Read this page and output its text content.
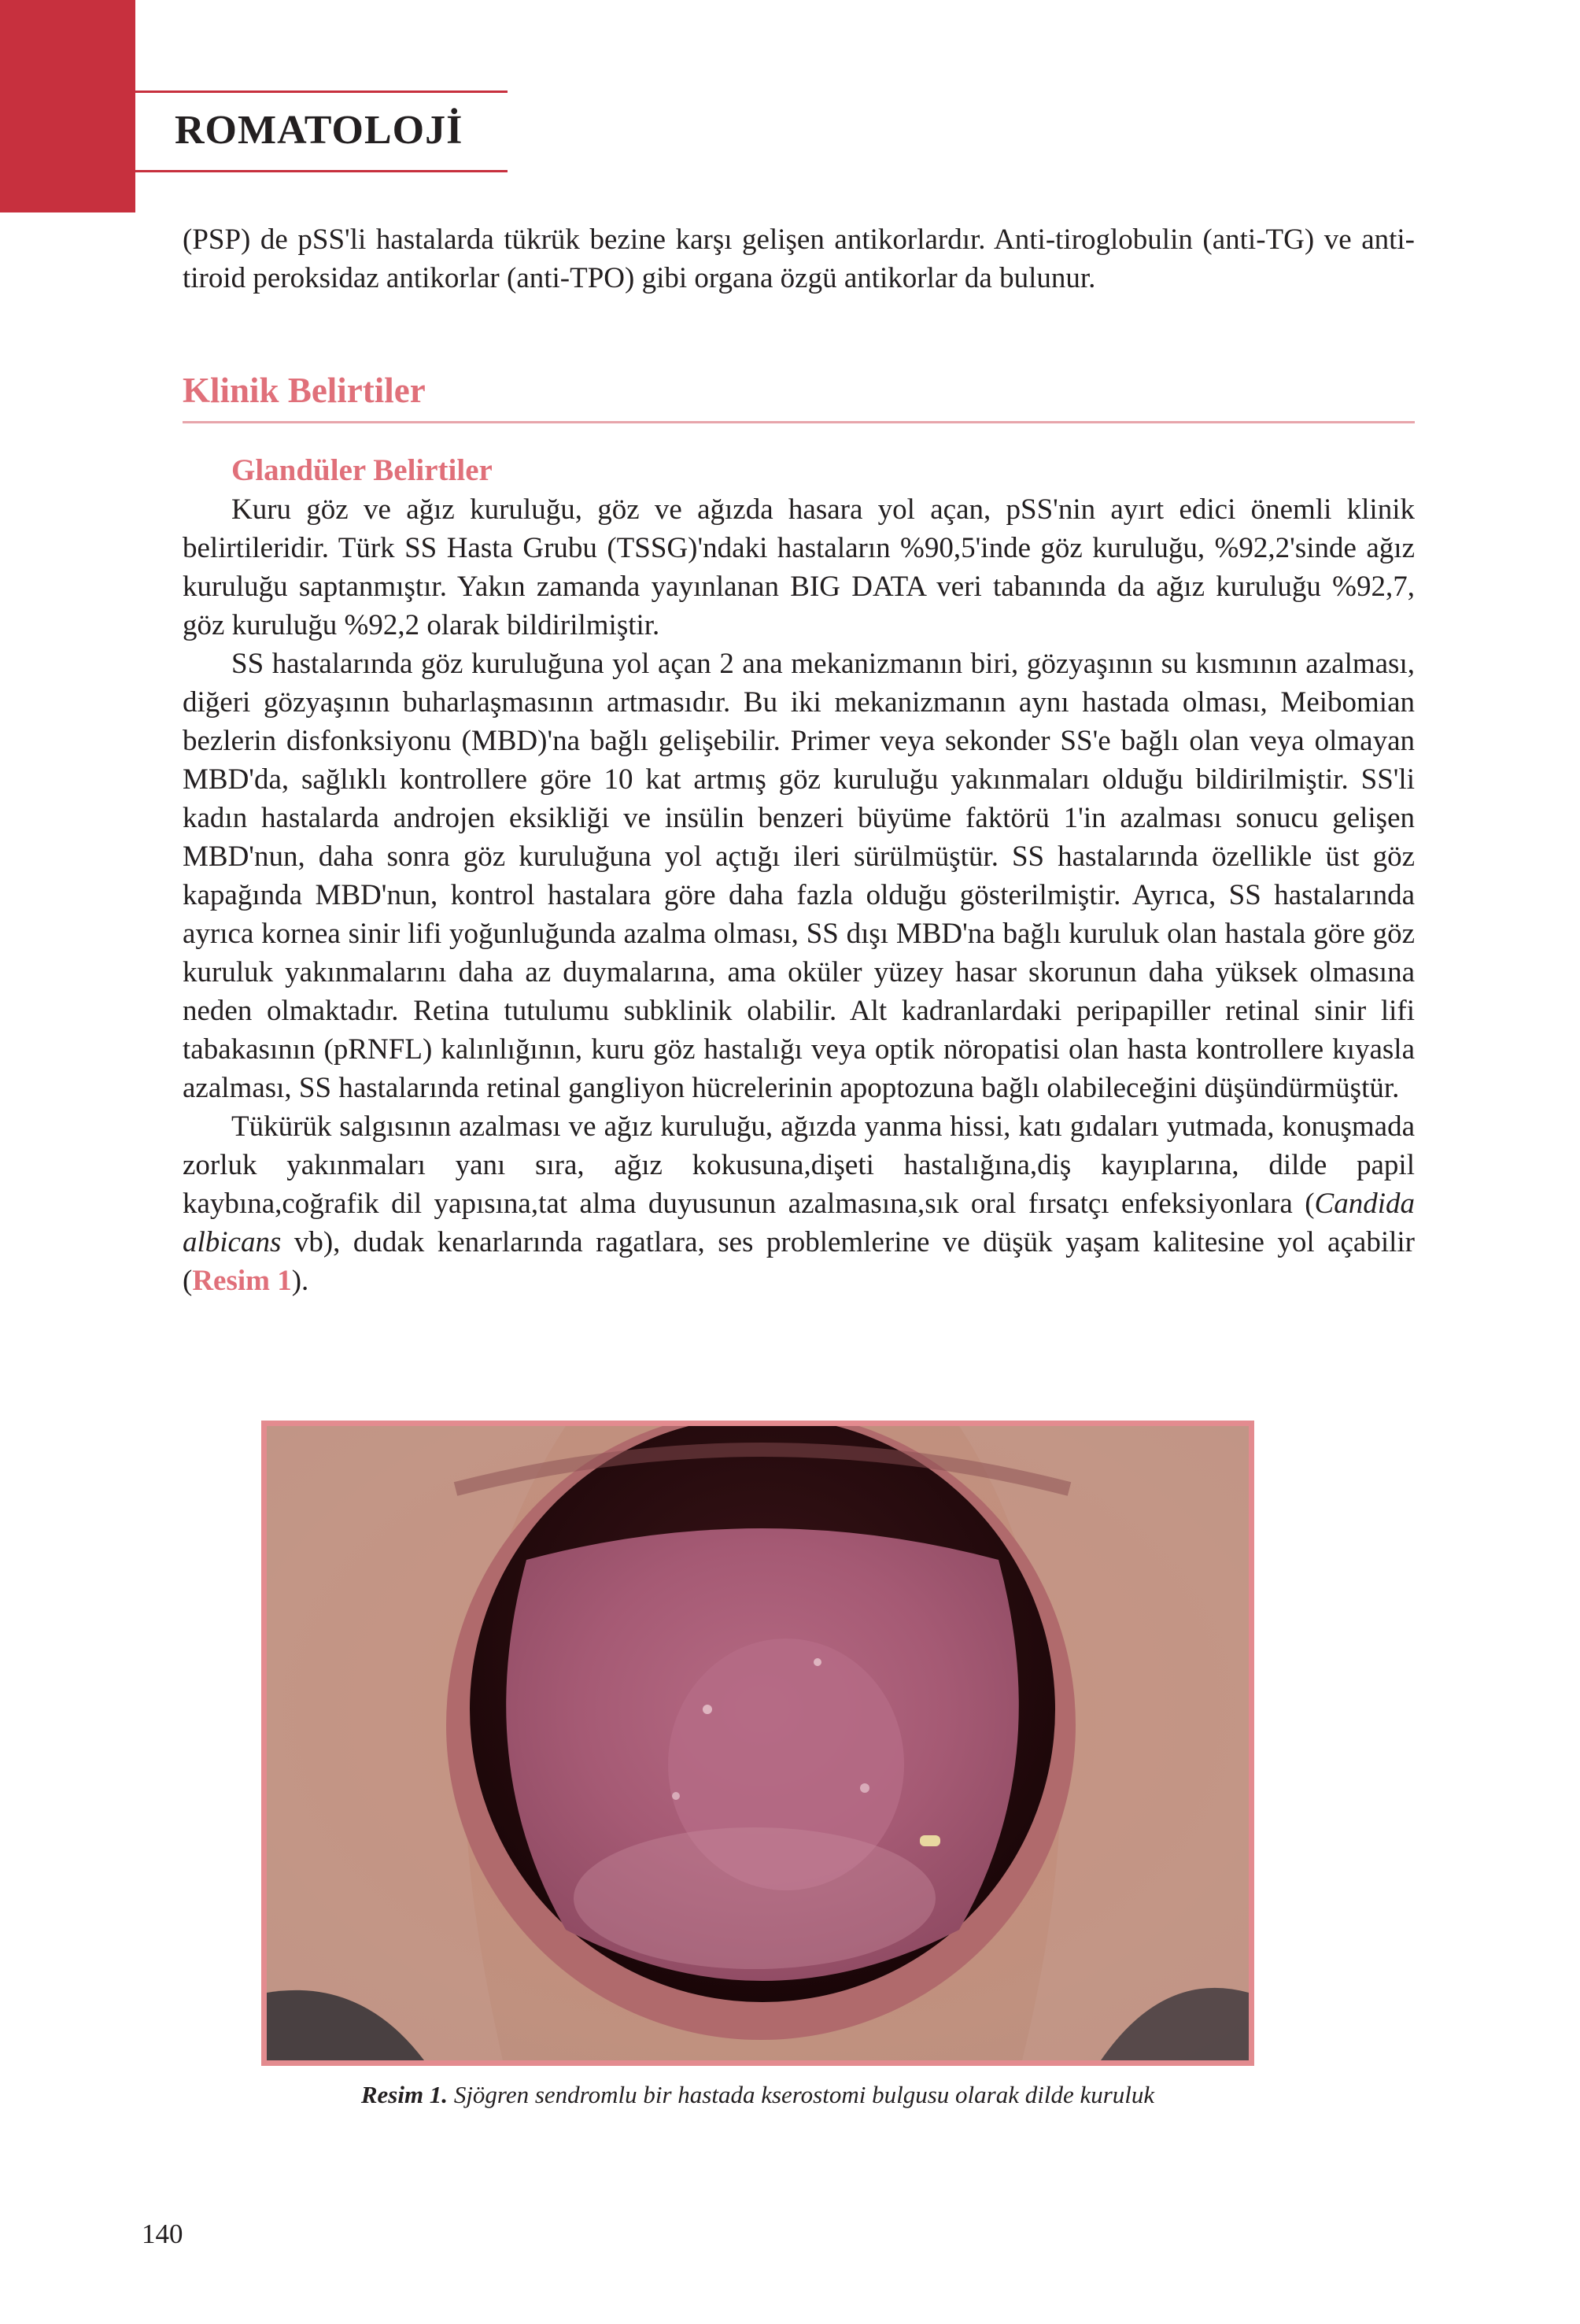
ROMATOLOJİ

(PSP) de pSS'li hastalarda tükrük bezine karşı gelişen antikorlardır. Anti-tiroglobulin (anti-TG) ve anti-tiroid peroksidaz antikorlar (anti-TPO) gibi organa özgü antikorlar da bulunur.

Klinik Belirtiler
Glandüler Belirtiler

Kuru göz ve ağız kuruluğu, göz ve ağızda hasara yol açan, pSS'nin ayırt edici önemli klinik belirtileridir. Türk SS Hasta Grubu (TSSG)'ndaki hastaların %90,5'inde göz kuruluğu, %92,2'sinde ağız kuruluğu saptanmıştır. Yakın zamanda yayınlanan BIG DATA veri tabanında da ağız kuruluğu %92,7, göz kuruluğu %92,2 olarak bildirilmiştir.

SS hastalarında göz kuruluğuna yol açan 2 ana mekanizmanın biri, gözyaşının su kısmının azalması, diğeri gözyaşının buharlaşmasının artmasıdır. Bu iki mekanizmanın aynı hastada olması, Meibomian bezlerin disfonksiyonu (MBD)'na bağlı gelişebilir. Primer veya sekonder SS'e bağlı olan veya olmayan MBD'da, sağlıklı kontrollere göre 10 kat artmış göz kuruluğu yakınmaları olduğu bildirilmiştir. SS'li kadın hastalarda androjen eksikliği ve insülin benzeri büyüme faktörü 1'in azalması sonucu gelişen MBD'nun, daha sonra göz kuruluğuna yol açtığı ileri sürülmüştür. SS hastalarında özellikle üst göz kapağında MBD'nun, kontrol hastalara göre daha fazla olduğu gösterilmiştir. Ayrıca, SS hastalarında ayrıca kornea sinir lifi yoğunluğunda azalma olması, SS dışı MBD'na bağlı kuruluk olan hastala göre göz kuruluk yakınmalarını daha az duymalarına, ama oküler yüzey hasar skorunun daha yüksek olmasına neden olmaktadır. Retina tutulumu subklinik olabilir. Alt kadranlardaki peripapiller retinal sinir lifi tabakasının (pRNFL) kalınlığının, kuru göz hastalığı veya optik nöropatisi olan hasta kontrollere kıyasla azalması, SS hastalarında retinal gangliyon hücrelerinin apoptozuna bağlı olabileceğini düşündürmüştür.

Tükürük salgısının azalması ve ağız kuruluğu, ağızda yanma hissi, katı gıdaları yutmada, konuşmada zorluk yakınmaları yanı sıra, ağız kokusuna,dişeti hastalığına,diş kayıplarına, dilde papil kaybına,coğrafik dil yapısına,tat alma duyusunun azalmasına,sık oral fırsatçı enfeksiyonlara (Candida albicans vb), dudak kenarlarında ragatlara, ses problemlerine ve düşük yaşam kalitesine yol açabilir (Resim 1).

Resim 1. Sjögren sendromlu bir hastada kserostomi bulgusu olarak dilde kuruluk

140
